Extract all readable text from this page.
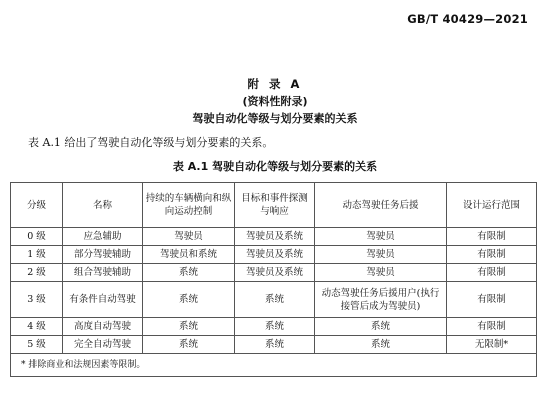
GB/T 40429—2021
附 录 A
(资料性附录)
驾驶自动化等级与划分要素的关系
表 A.1 给出了驾驶自动化等级与划分要素的关系。
表 A.1 驾驶自动化等级与划分要素的关系
分级	名称	持续的车辆横向和纵向运动控制	目标和事件探测与响应	动态驾驶任务后援	设计运行范围
0 级	应急辅助	驾驶员	驾驶员及系统	驾驶员	有限制
1 级	部分驾驶辅助	驾驶员和系统	驾驶员及系统	驾驶员	有限制
2 级	组合驾驶辅助	系统	驾驶员及系统	驾驶员	有限制
3 级	有条件自动驾驶	系统	系统	动态驾驶任务后援用户(执行接管后成为驾驶员)	有限制
4 级	高度自动驾驶	系统	系统	系统	有限制
5 级	完全自动驾驶	系统	系统	系统	无限制*
* 排除商业和法规因素等限制。					
